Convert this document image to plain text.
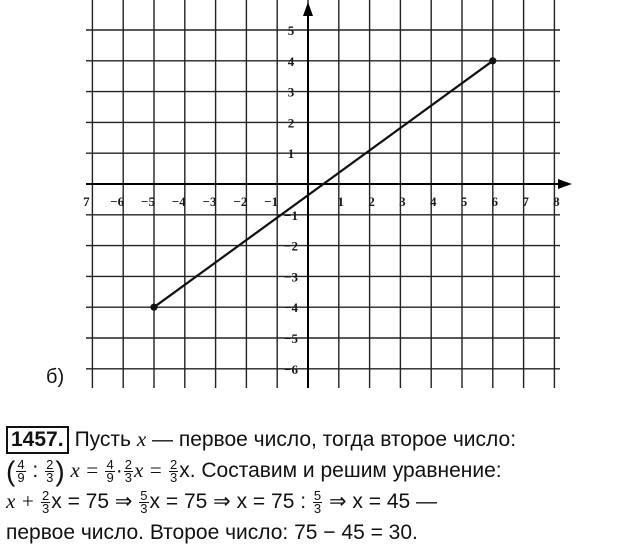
7 −6 −5 −4 −3 −2 −1	1 2 3 4 5 6 7 8
5
4
3
2
1
−1
−2
−3
−4
−5
−6
б)
1457. Пусть x — первое число, тогда второе число:
( $\frac{4}{9}$ : $\frac{2}{3}$ ) $x = \frac{4}{9} \cdot \frac{2}{3}$ $x = \frac{2}{3} x$. Составим и решим уравнение:
$x + \frac{2}{3}$ x = 75 ⇒ $\frac{5}{3}$ x = 75 ⇒ x = 75 : $\frac{5}{3}$ ⇒ x = 45 —
первое число. Второе число: 75 − 45 = 30.
